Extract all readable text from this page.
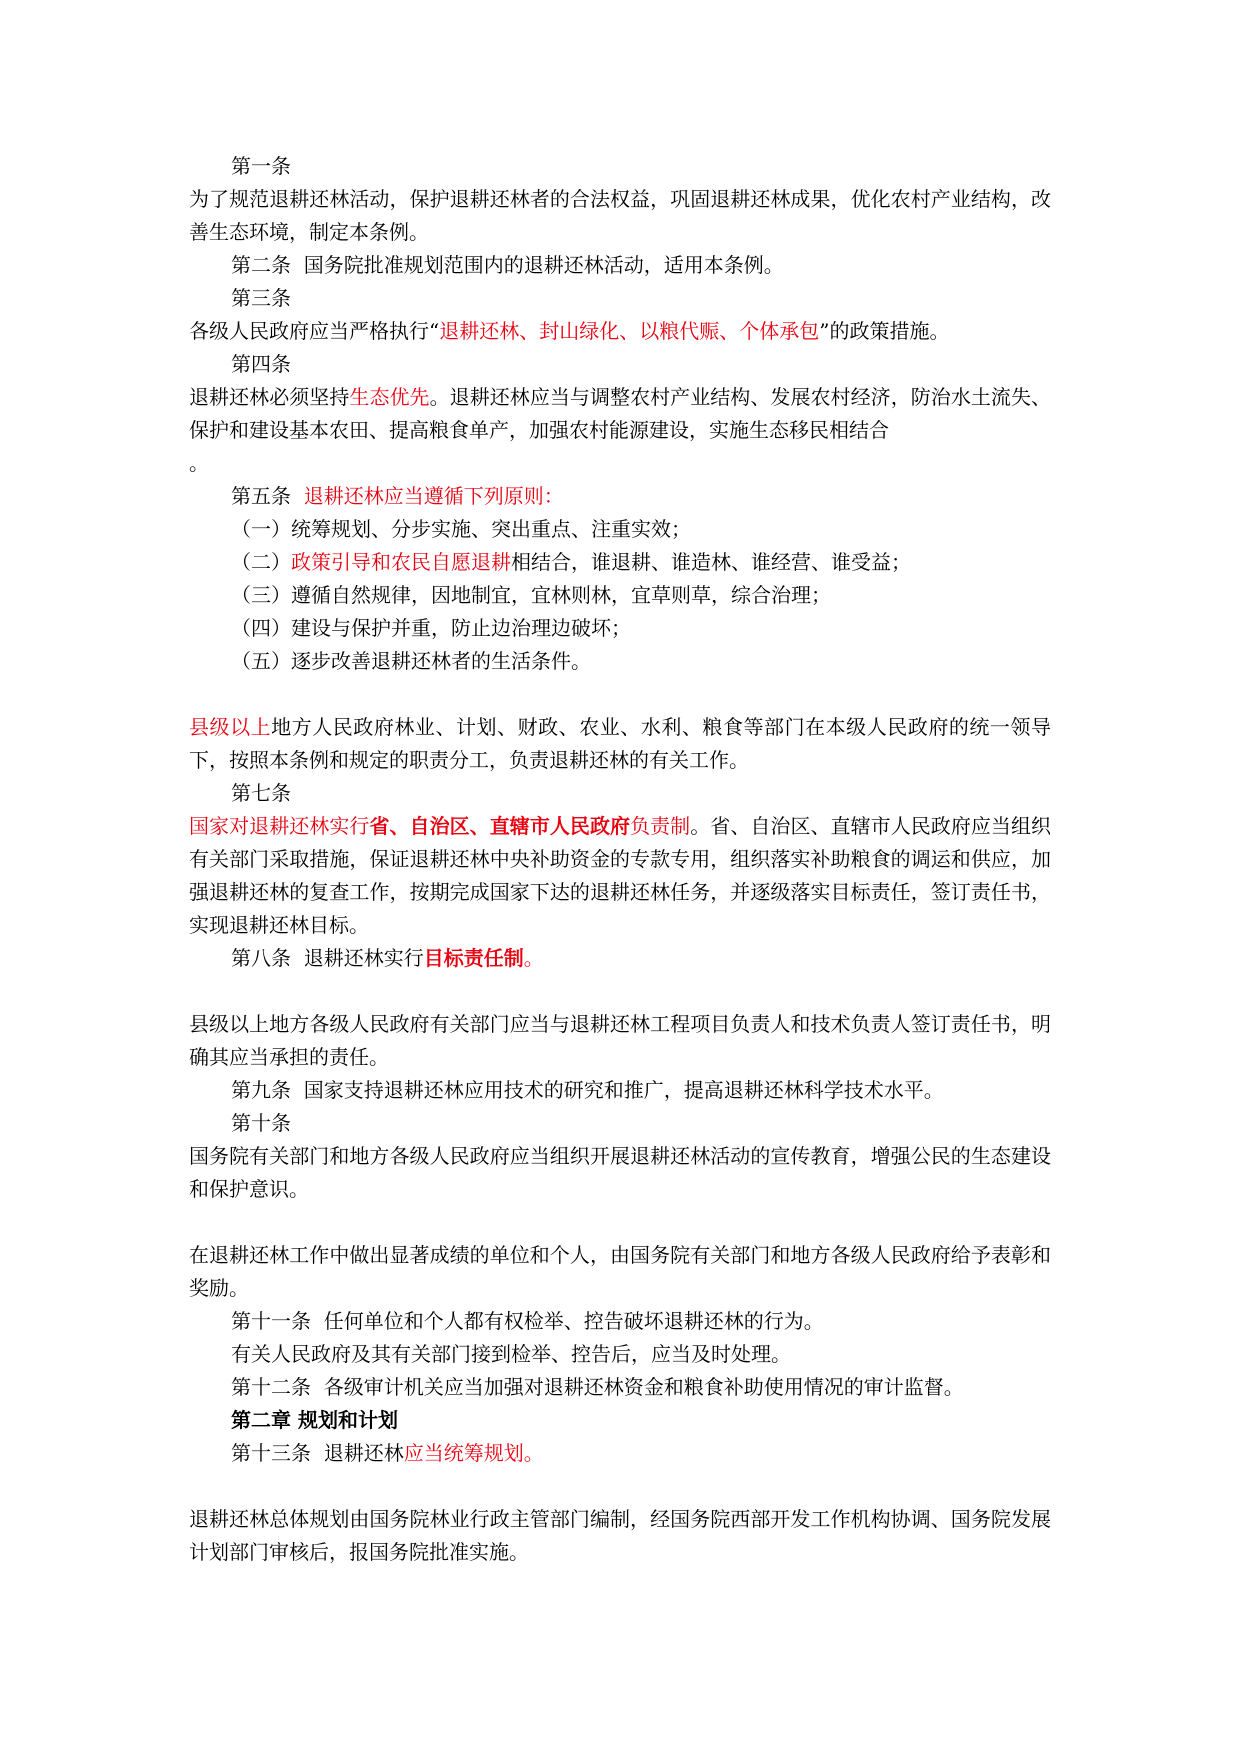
第一条
为了规范退耕还林活动，保护退耕还林者的合法权益，巩固退耕还林成果，优化农村产业结构，改善生态环境，制定本条例。
第二条 国务院批准规划范围内的退耕还林活动，适用本条例。
第三条
各级人民政府应当严格执行“退耕还林、封山绿化、以粮代赈、个体承包”的政策措施。
第四条
退耕还林必须坚持生态优先。退耕还林应当与调整农村产业结构、发展农村经济，防治水土流失、保护和建设基本农田、提高粮食单产，加强农村能源建设，实施生态移民相结合
。
第五条 退耕还林应当遵循下列原则：
（一）统筹规划、分步实施、突出重点、注重实效；
（二）政策引导和农民自愿退耕相结合，谁退耕、谁造林、谁经营、谁受益；
（三）遵循自然规律，因地制宜，宜林则林，宜草则草，综合治理；
（四）建设与保护并重，防止边治理边破坏；
（五）逐步改善退耕还林者的生活条件。
县级以上地方人民政府林业、计划、财政、农业、水利、粮食等部门在本级人民政府的统一领导下，按照本条例和规定的职责分工，负责退耕还林的有关工作。
第七条
国家对退耕还林实行省、自治区、直辖市人民政府负责制。省、自治区、直辖市人民政府应当组织有关部门采取措施，保证退耕还林中央补助资金的专款专用，组织落实补助粮食的调运和供应，加强退耕还林的复查工作，按期完成国家下达的退耕还林任务，并逐级落实目标责任，签订责任书，实现退耕还林目标。
第八条 退耕还林实行目标责任制。
县级以上地方各级人民政府有关部门应当与退耕还林工程项目负责人和技术负责人签订责任书，明确其应当承担的责任。
第九条 国家支持退耕还林应用技术的研究和推广，提高退耕还林科学技术水平。
第十条
国务院有关部门和地方各级人民政府应当组织开展退耕还林活动的宣传教育，增强公民的生态建设和保护意识。
在退耕还林工作中做出显著成绩的单位和个人，由国务院有关部门和地方各级人民政府给予表彰和奖励。
第十一条 任何单位和个人都有权检举、控告破坏退耕还林的行为。
有关人民政府及其有关部门接到检举、控告后，应当及时处理。
第十二条 各级审计机关应当加强对退耕还林资金和粮食补助使用情况的审计监督。
第二章 规划和计划
第十三条 退耕还林应当统筹规划。
退耕还林总体规划由国务院林业行政主管部门编制，经国务院西部开发工作机构协调、国务院发展计划部门审核后，报国务院批准实施。
